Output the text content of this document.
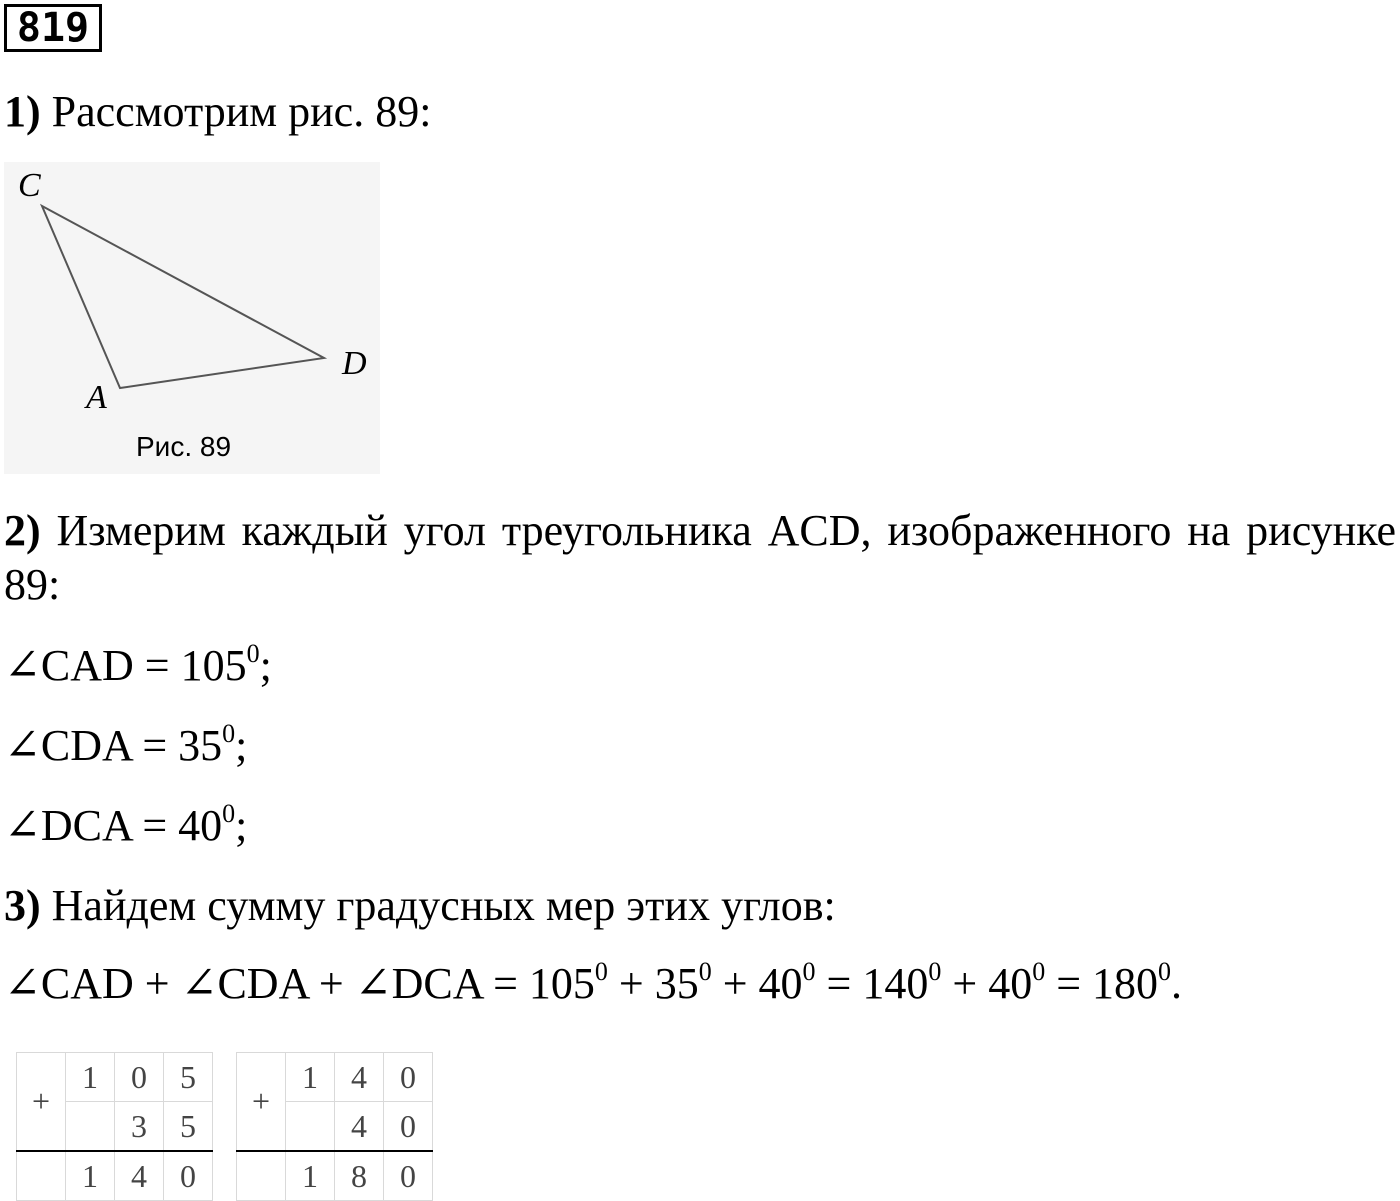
819
1) Рассмотрим рис. 89:
C
A
D
Рис. 89
2) Измерим каждый угол треугольника ACD, изображенного на рисунке 89:
∠CAD = $105^0$;
∠CDA = $35^0$;
∠DCA = $40^0$;
3) Найдем сумму градусных мер этих углов:
∠CAD + ∠CDA + ∠DCA = $105^0 + 35^0 + 40^0 = 140^0 + 40^0 = 180^0$.
+	1	0	5
		3	5
	1	4	0
+	1	4	0
		4	0
	1	8	0
